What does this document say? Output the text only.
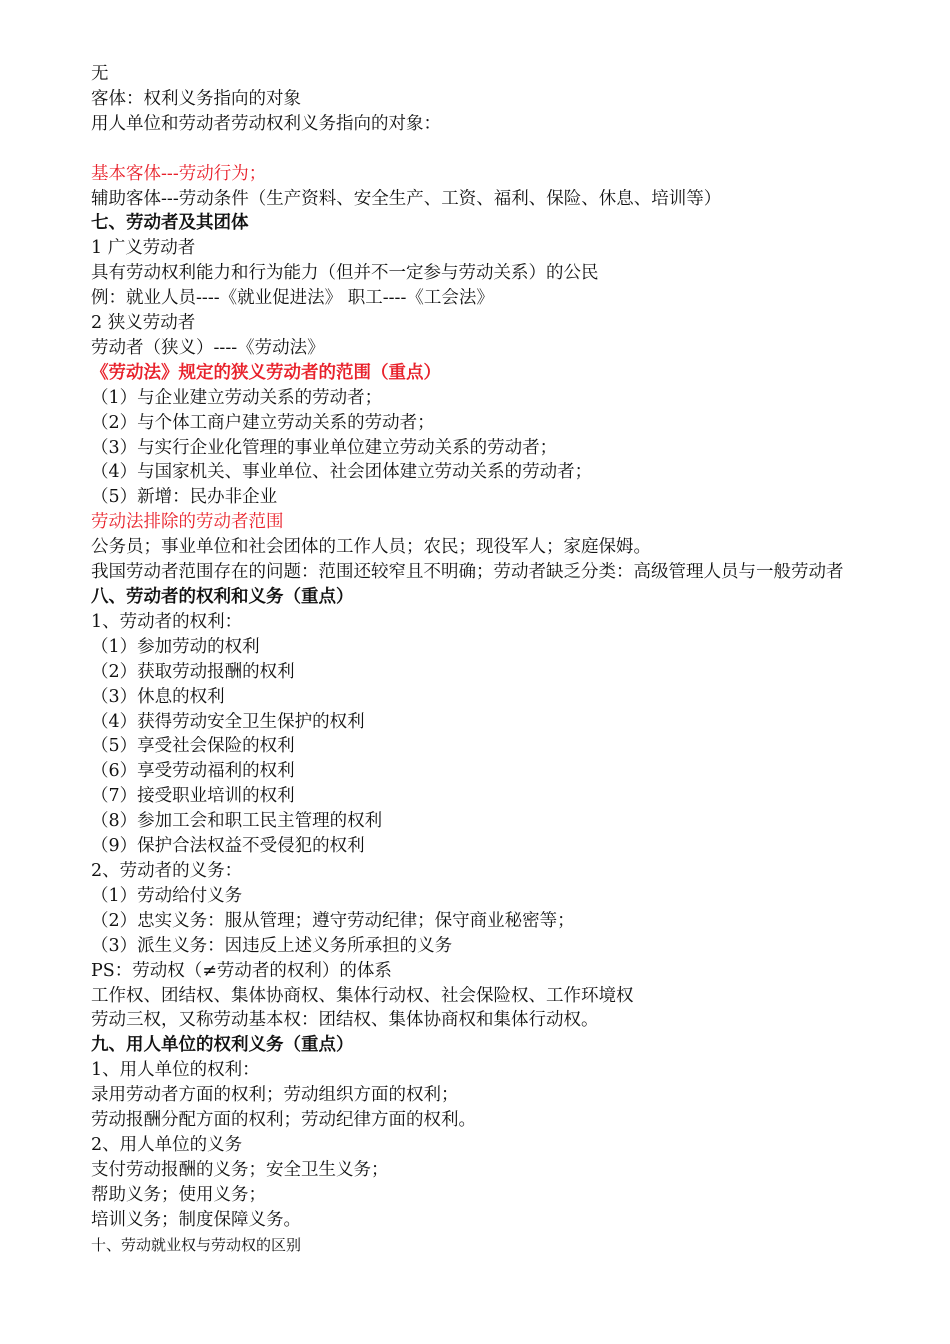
无
客体：权利义务指向的对象
用人单位和劳动者劳动权利义务指向的对象：
基本客体---劳动行为；
辅助客体---劳动条件（生产资料、安全生产、工资、福利、保险、休息、培训等）
七、劳动者及其团体
1 广义劳动者
具有劳动权利能力和行为能力（但并不一定参与劳动关系）的公民
例：就业人员----《就业促进法》 职工----《工会法》
2 狭义劳动者
劳动者（狭义）----《劳动法》
《劳动法》规定的狭义劳动者的范围（重点）
（1）与企业建立劳动关系的劳动者；
（2）与个体工商户建立劳动关系的劳动者；
（3）与实行企业化管理的事业单位建立劳动关系的劳动者；
（4）与国家机关、事业单位、社会团体建立劳动关系的劳动者；
（5）新增：民办非企业
劳动法排除的劳动者范围
公务员；事业单位和社会团体的工作人员；农民；现役军人；家庭保姆。
我国劳动者范围存在的问题：范围还较窄且不明确；劳动者缺乏分类：高级管理人员与一般劳动者
八、劳动者的权利和义务（重点）
1、劳动者的权利：
（1）参加劳动的权利
（2）获取劳动报酬的权利
（3）休息的权利
（4）获得劳动安全卫生保护的权利
（5）享受社会保险的权利
（6）享受劳动福利的权利
（7）接受职业培训的权利
（8）参加工会和职工民主管理的权利
（9）保护合法权益不受侵犯的权利
2、劳动者的义务：
（1）劳动给付义务
（2）忠实义务：服从管理；遵守劳动纪律；保守商业秘密等；
（3）派生义务：因违反上述义务所承担的义务
PS：劳动权（≠劳动者的权利）的体系
工作权、团结权、集体协商权、集体行动权、社会保险权、工作环境权
劳动三权，又称劳动基本权：团结权、集体协商权和集体行动权。
九、用人单位的权利义务（重点）
1、用人单位的权利：
录用劳动者方面的权利；劳动组织方面的权利；
劳动报酬分配方面的权利；劳动纪律方面的权利。
2、用人单位的义务
支付劳动报酬的义务；安全卫生义务；
帮助义务；使用义务；
培训义务；制度保障义务。
十、劳动就业权与劳动权的区别
